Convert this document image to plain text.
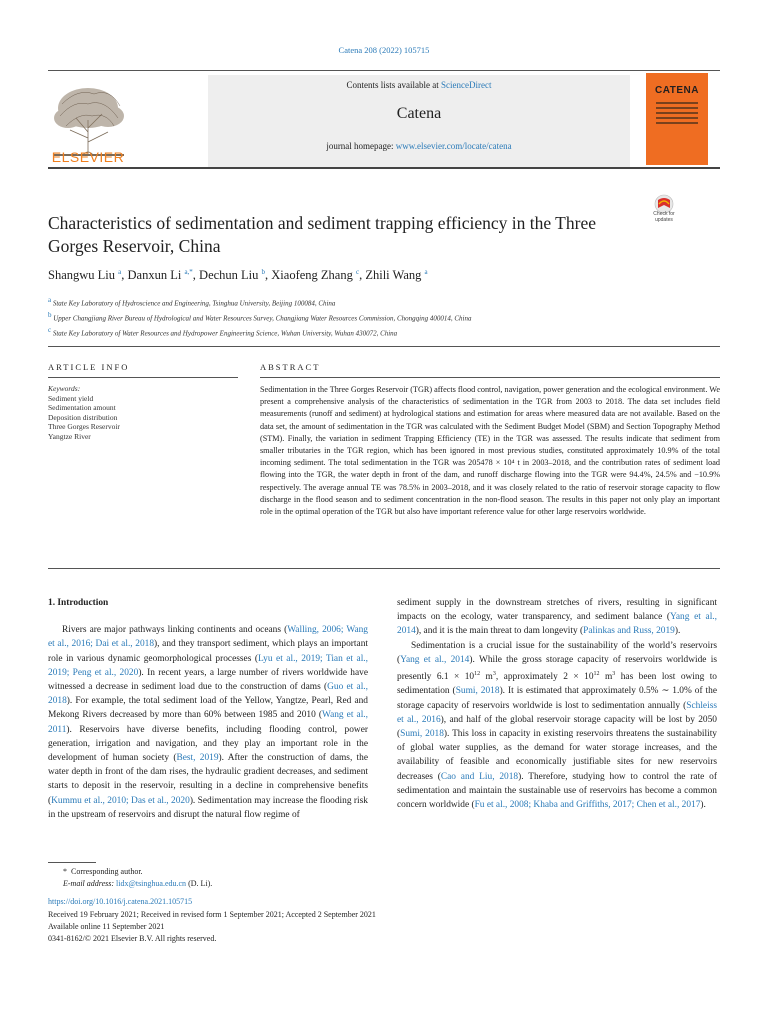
Catena 208 (2022) 105715
ELSEVIER
Contents lists available at ScienceDirect
Catena
journal homepage: www.elsevier.com/locate/catena
CATENA
Characteristics of sedimentation and sediment trapping efficiency in the Three Gorges Reservoir, China
Check for
updates
Shangwu Liu $^a$, Danxun Li $^{a,*}$, Dechun Liu $^b$, Xiaofeng Zhang $^c$, Zhili Wang $^a$
$^a$ State Key Laboratory of Hydroscience and Engineering, Tsinghua University, Beijing 100084, China
$^b$ Upper Changjiang River Bureau of Hydrological and Water Resources Survey, Changjiang Water Resources Commission, Chongqing 400014, China
$^c$ State Key Laboratory of Water Resources and Hydropower Engineering Science, Wuhan University, Wuhan 430072, China
ARTICLE INFO	ABSTRACT
Keywords:
Sediment yield
Sedimentation amount
Deposition distribution
Three Gorges Reservoir
Yangtze River
Sedimentation in the Three Gorges Reservoir (TGR) affects flood control, navigation, power generation and the ecological environment. We present a comprehensive analysis of the characteristics of sedimentation in the TGR from 2003 to 2018. The data set includes field measurements (runoff and sediment) at hydrological stations and estimation for areas where measured data are not available. Based on the data set, the amount of sedimentation in the TGR was calculated with the Sediment Budget Model (SBM) and Section Topography Method (STM). Finally, the variation in sediment Trapping Efficiency (TE) in the TGR was assessed. The results indicate that sediment from smaller tributaries in the TGR region, which has been ignored in most previous studies, constituted approximately 10.9% of the total incoming sediment. The total sedimentation in the TGR was 205478 × 10⁴ t in 2003–2018, and the contribution rates of sediment load flowing into the TGR, the water depth in front of the dam, and runoff discharge flowing into the TGR were 94.4%, 24.5% and −10.9% respectively. The average annual TE was 78.5% in 2003–2018, and it was closely related to the ratio of reservoir storage capacity to flow discharge in the flood season and to sediment concentration in the non-flood season. The results in this paper not only play an important role in the optimal operation of the TGR but also have important reference value for other large reservoirs worldwide.
1. Introduction

Rivers are major pathways linking continents and oceans (Walling, 2006; Wang et al., 2016; Dai et al., 2018), and they transport sediment, which plays an important role in various dynamic geomorphological processes (Lyu et al., 2019; Tian et al., 2019; Peng et al., 2020). In recent years, a large number of rivers worldwide have witnessed a decrease in sediment load due to the construction of dams (Guo et al., 2018). For example, the total sediment load of the Yellow, Yangtze, Pearl, Red and Mekong Rivers decreased by more than 60% between 1985 and 2010 (Wang et al., 2011). Reservoirs have diverse benefits, including flooding control, power generation, irrigation and navigation, and they play an important role in the development of human society (Best, 2019). After the construction of dams, the water depth in front of the dam rises, the hydraulic gradient decreases, and sediment starts to deposit in the reservoir, resulting in a decline in comprehensive benefits (Kummu et al., 2010; Das et al., 2020). Sedimentation may increase the flooding risk in the upstream of reservoirs and disrupt the natural flow regime of

sediment supply in the downstream stretches of rivers, resulting in significant impacts on the ecology, water transparency, and sediment balance (Yang et al., 2014), and it is the main threat to dam longevity (Palinkas and Russ, 2019).

Sedimentation is a crucial issue for the sustainability of the world’s reservoirs (Yang et al., 2014). While the gross storage capacity of reservoirs worldwide is presently $6.1 \times 10^{12}$ $m^3$, approximately $2 \times 10^{12}$ $m^3$ has been lost owing to sedimentation (Sumi, 2018). It is estimated that approximately 0.5% ∼ 1.0% of the storage capacity of reservoirs worldwide is lost to sedimentation annually (Schleiss et al., 2016), and half of the global reservoir storage capacity will be lost by 2050 (Sumi, 2018). This loss in capacity in existing reservoirs threatens the sustainability of global water supplies, as the demand for water storage increases, and the availability of feasible and economically justifiable sites for new reservoirs decreases (Cao and Liu, 2018). Therefore, studying how to control the rate of sedimentation and maintain the sustainable use of reservoirs has become a common concern worldwide (Fu et al., 2008; Khaba and Griffiths, 2017; Chen et al., 2017).

*  Corresponding author.
E-mail address: lidx@tsinghua.edu.cn (D. Li).
https://doi.org/10.1016/j.catena.2021.105715
Received 19 February 2021; Received in revised form 1 September 2021; Accepted 2 September 2021
Available online 11 September 2021
0341-8162/© 2021 Elsevier B.V. All rights reserved.
